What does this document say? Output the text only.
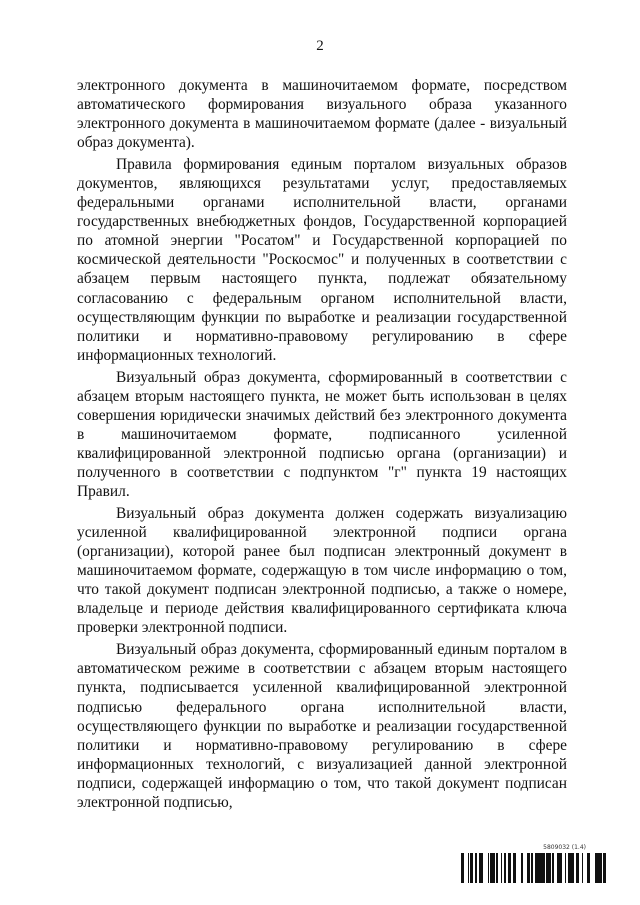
2

электронного документа в машиночитаемом формате, посредством автоматического формирования визуального образа указанного электронного документа в машиночитаемом формате (далее - визуальный образ документа).

Правила формирования единым порталом визуальных образов документов, являющихся результатами услуг, предоставляемых федеральными органами исполнительной власти, органами государственных внебюджетных фондов, Государственной корпорацией по атомной энергии "Росатом" и Государственной корпорацией по космической деятельности "Роскосмос" и полученных в соответствии с абзацем первым настоящего пункта, подлежат обязательному согласованию с федеральным органом исполнительной власти, осуществляющим функции по выработке и реализации государственной политики и нормативно-правовому регулированию в сфере информационных технологий.

Визуальный образ документа, сформированный в соответствии с абзацем вторым настоящего пункта, не может быть использован в целях совершения юридически значимых действий без электронного документа в машиночитаемом формате, подписанного усиленной квалифицированной электронной подписью органа (организации) и полученного в соответствии с подпунктом "г" пункта 19 настоящих Правил.

Визуальный образ документа должен содержать визуализацию усиленной квалифицированной электронной подписи органа (организации), которой ранее был подписан электронный документ в машиночитаемом формате, содержащую в том числе информацию о том, что такой документ подписан электронной подписью, а также о номере, владельце и периоде действия квалифицированного сертификата ключа проверки электронной подписи.

Визуальный образ документа, сформированный единым порталом в автоматическом режиме в соответствии с абзацем вторым настоящего пункта, подписывается усиленной квалифицированной электронной подписью федерального органа исполнительной власти, осуществляющего функции по выработке и реализации государственной политики и нормативно-правовому регулированию в сфере информационных технологий, с визуализацией данной электронной подписи, содержащей информацию о том, что такой документ подписан электронной подписью,

5809032 (1.4)
